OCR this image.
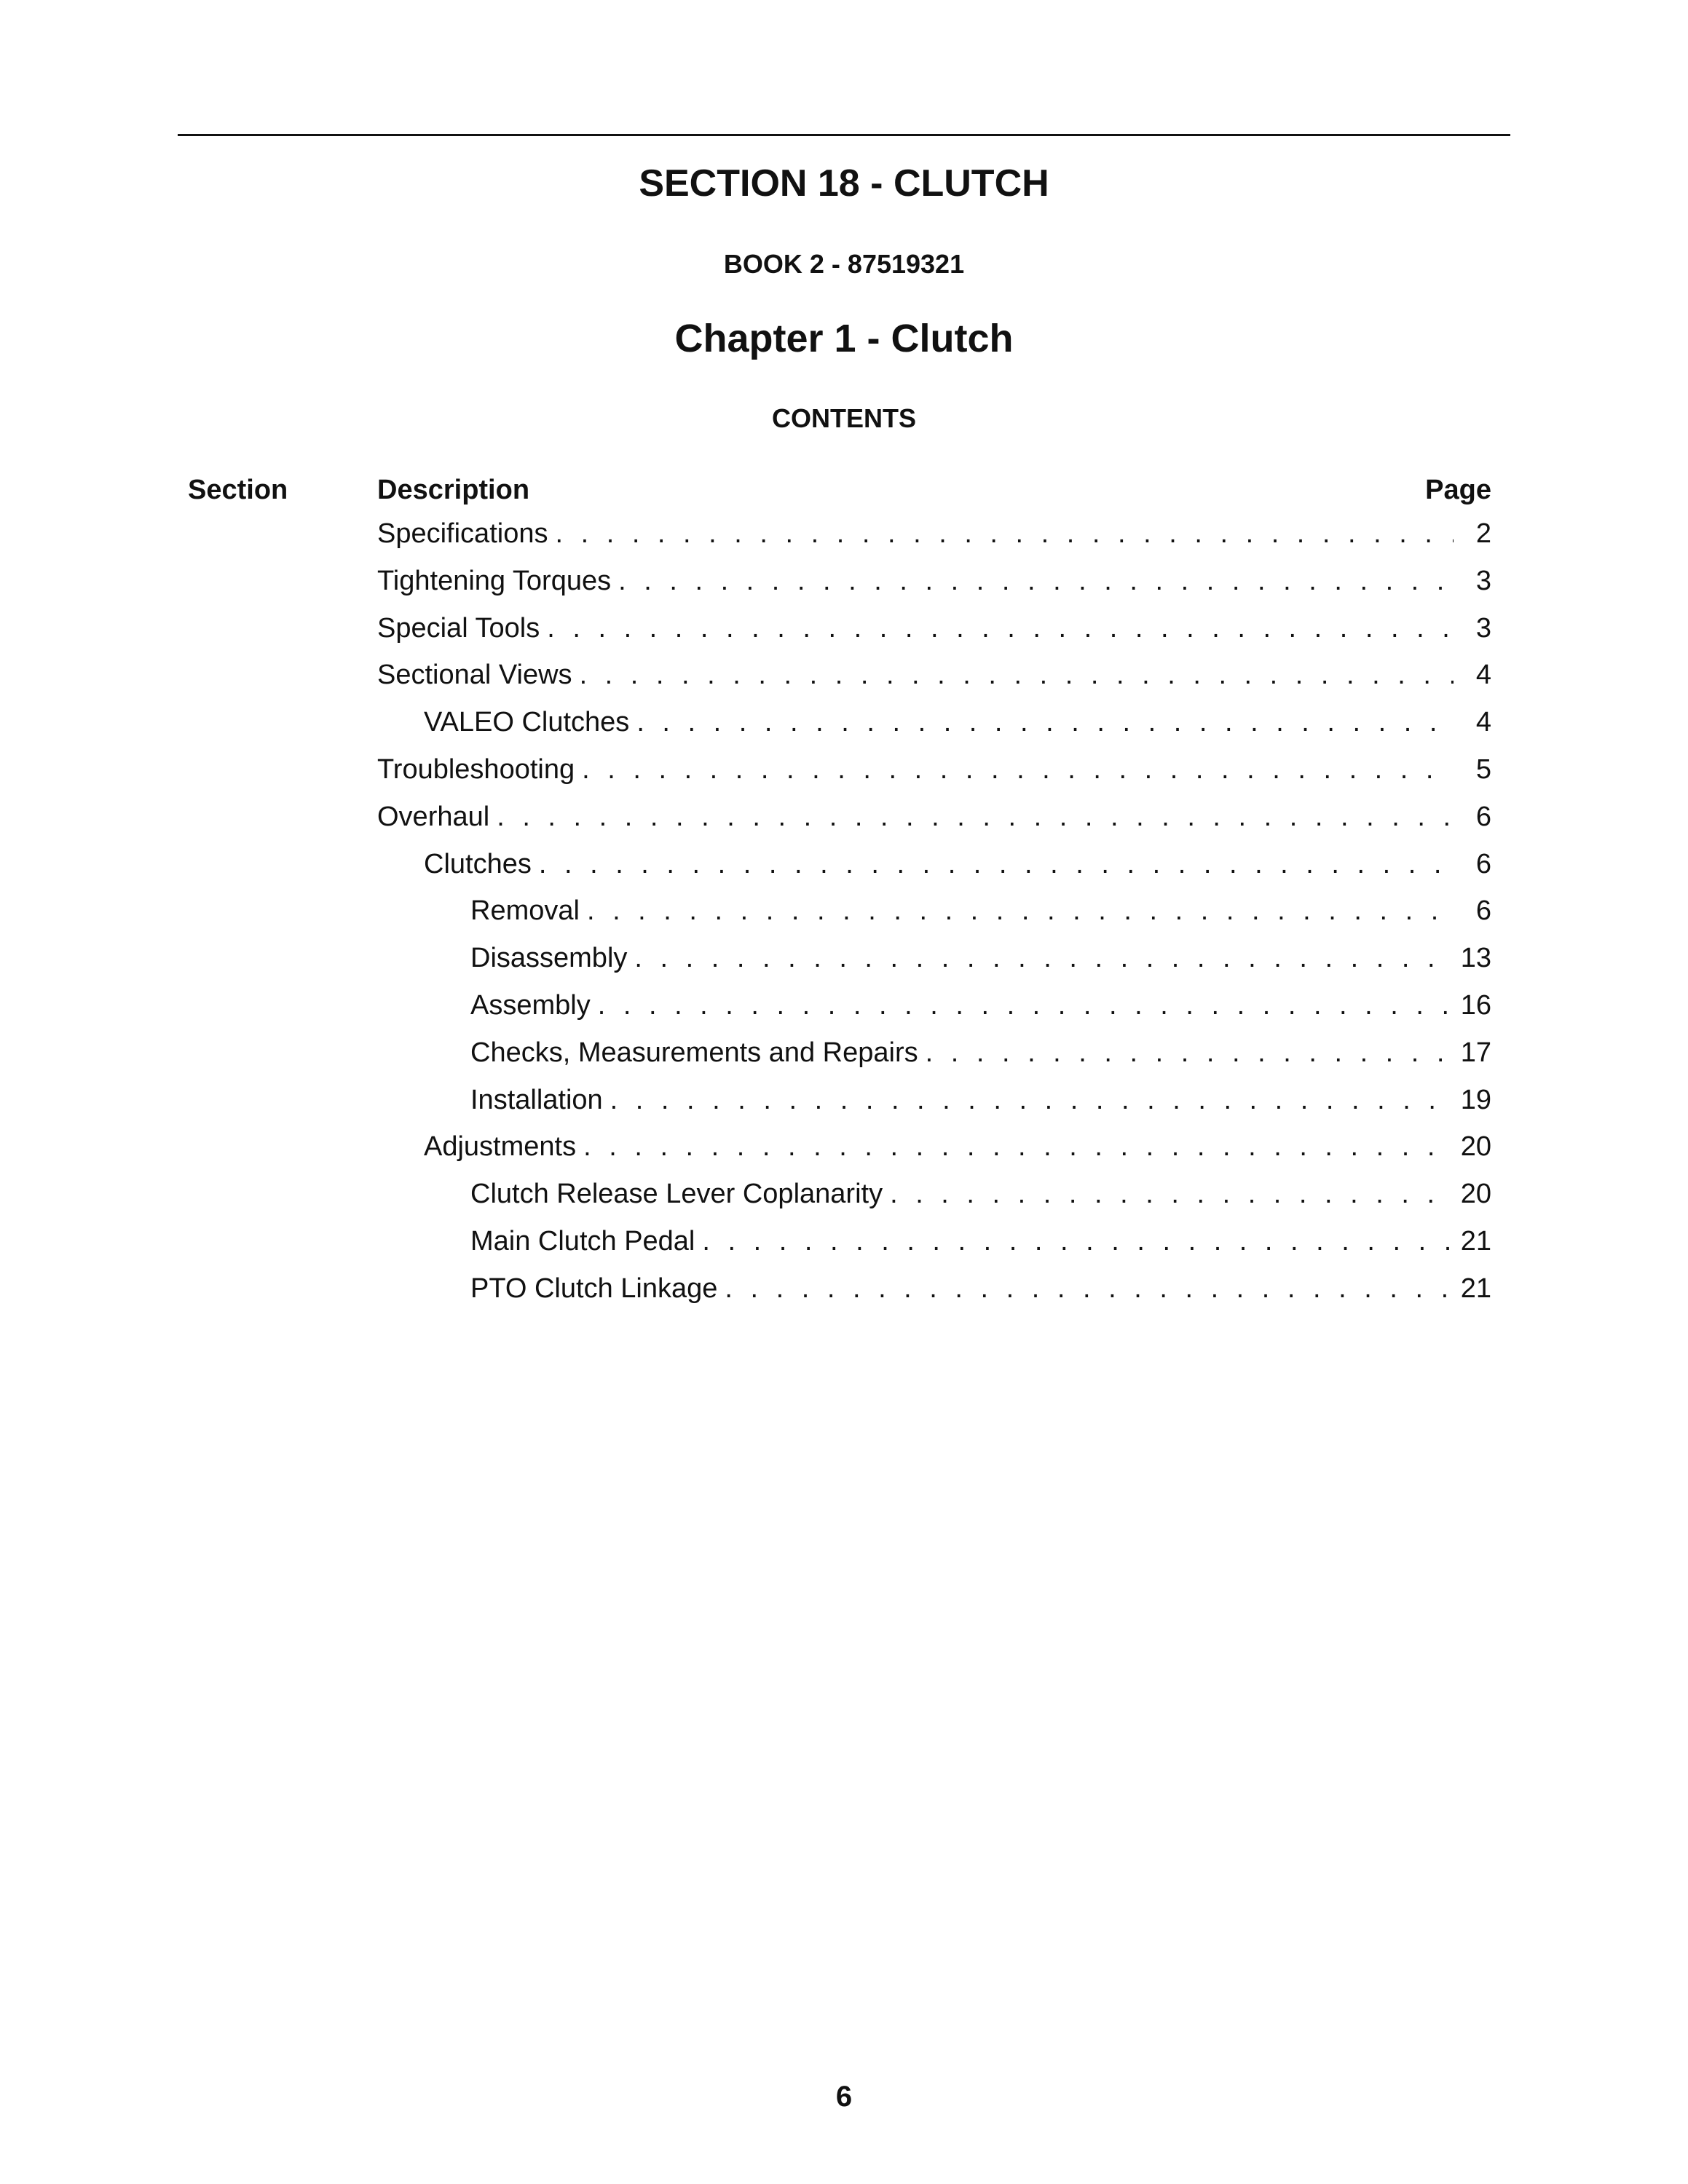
SECTION 18 - CLUTCH
BOOK 2 - 87519321
Chapter 1 - Clutch
CONTENTS
Section	Description	Page
Specifications . . .	2
Tightening Torques . . .	3
Special Tools . . .	3
Sectional Views . . .	4
VALEO Clutches . . .	4
Troubleshooting . . .	5
Overhaul . . .	6
Clutches . . .	6
Removal . . .	6
Disassembly . . .	13
Assembly . . .	16
Checks, Measurements and Repairs . . .	17
Installation . . .	19
Adjustments . . .	20
Clutch Release Lever Coplanarity . . .	20
Main Clutch Pedal . . .	21
PTO Clutch Linkage . . .	21
6
